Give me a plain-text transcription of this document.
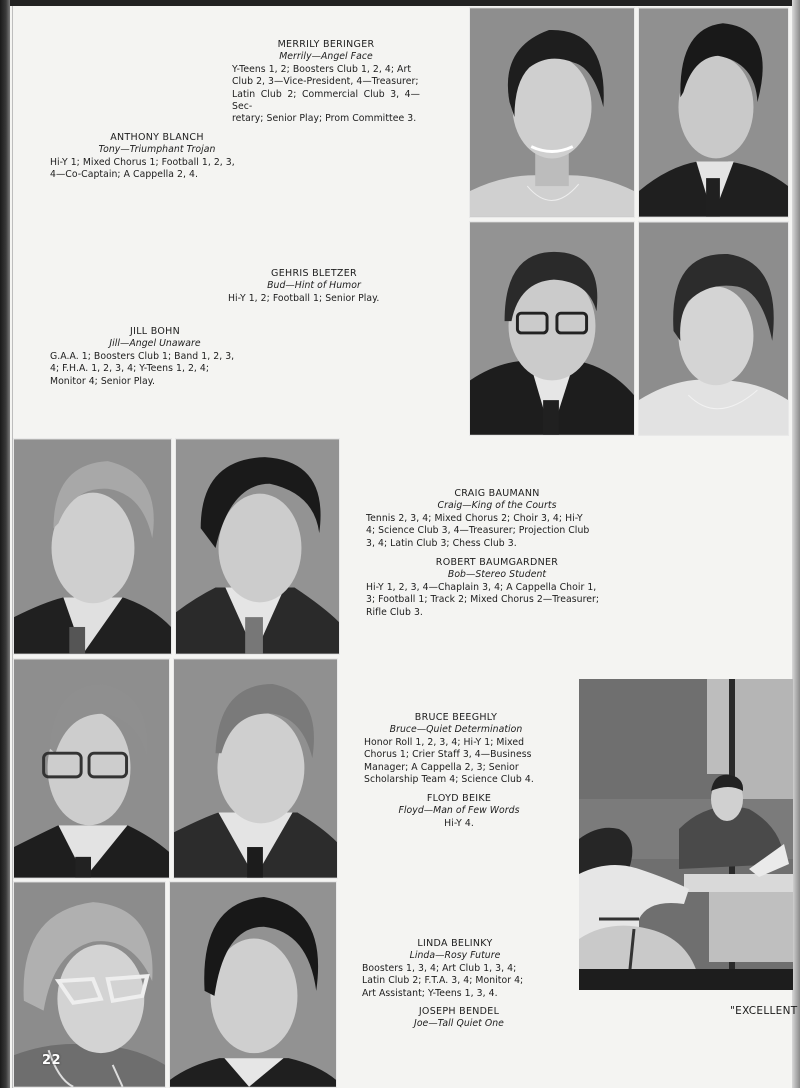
MERRILY BERINGER
Merrily—Angel Face
Y-Teens 1, 2; Boosters Club 1, 2, 4; Art
Club 2, 3—Vice-President, 4—Treasurer;
Latin Club 2; Commercial Club 3, 4—Sec-
retary; Senior Play; Prom Committee 3.
ANTHONY BLANCH
Tony—Triumphant Trojan
Hi-Y 1; Mixed Chorus 1; Football 1, 2, 3,
4—Co-Captain; A Cappella 2, 4.
GEHRIS BLETZER
Bud—Hint of Humor
Hi-Y 1, 2; Football 1; Senior Play.
JILL BOHN
Jill—Angel Unaware
G.A.A. 1; Boosters Club 1; Band 1, 2, 3,
4; F.H.A. 1, 2, 3, 4; Y-Teens 1, 2, 4;
Monitor 4; Senior Play.
CRAIG BAUMANN
Craig—King of the Courts
Tennis 2, 3, 4; Mixed Chorus 2; Choir 3, 4; Hi-Y
4; Science Club 3, 4—Treasurer; Projection Club
3, 4; Latin Club 3; Chess Club 3.
ROBERT BAUMGARDNER
Bob—Stereo Student
Hi-Y 1, 2, 3, 4—Chaplain 3, 4; A Cappella Choir 1,
3; Football 1; Track 2; Mixed Chorus 2—Treasurer;
Rifle Club 3.
BRUCE BEEGHLY
Bruce—Quiet Determination
Honor Roll 1, 2, 3, 4; Hi-Y 1; Mixed
Chorus 1; Crier Staff 3, 4—Business
Manager; A Cappella 2, 3; Senior
Scholarship Team 4; Science Club 4.
FLOYD BEIKE
Floyd—Man of Few Words
Hi-Y 4.
LINDA BELINKY
Linda—Rosy Future
Boosters 1, 3, 4; Art Club 1, 3, 4;
Latin Club 2; F.T.A. 3, 4; Monitor 4;
Art Assistant; Y-Teens 1, 3, 4.
JOSEPH BENDEL
Joe—Tall Quiet One
22
"EXCELLENT
